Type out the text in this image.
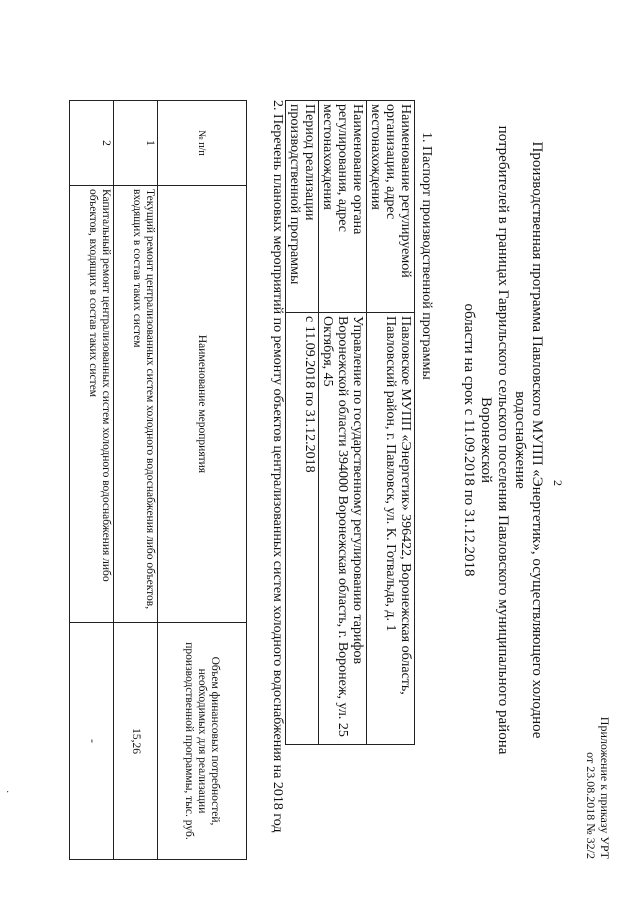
Приложение к приказу УРТ
от 23.08.2018 № 32/2
2
Производственная программа Павловского МУПП «Энергетик», осуществляющего холодное водоснабжение
потребителей в границах Гаврильского сельского поселения Павловского муниципального района Воронежской
области на срок с 11.09.2018 по 31.12.2018
1. Паспорт производственной программы
Наименование регулируемой организации, адрес местонахождения	Павловское МУПП «Энергетик» 396422, Воронежская область, Павловский район, г. Павловск, ул. К. Готвальда, д. 1
Наименование органа регулирования, адрес местонахождения	Управление по государственному регулированию тарифов Воронежской области 394000 Воронежская область, г. Воронеж, ул. 25 Октября, 45
Период реализации производственной программы	с 11.09.2018 по 31.12.2018
2. Перечень плановых мероприятий по ремонту объектов централизованных систем холодного водоснабжения на 2018 год
№ п/п	Наименование мероприятия	Объем финансовых потребностей, необходимых для реализации производственной программы, тыс. руб.
1	Текущий ремонт централизованных систем холодного водоснабжения либо объектов, входящих в состав таких систем	15,26
2	Капитальный ремонт централизованных систем холодного водоснабжения либо объектов, входящих в состав таких систем	-
·
